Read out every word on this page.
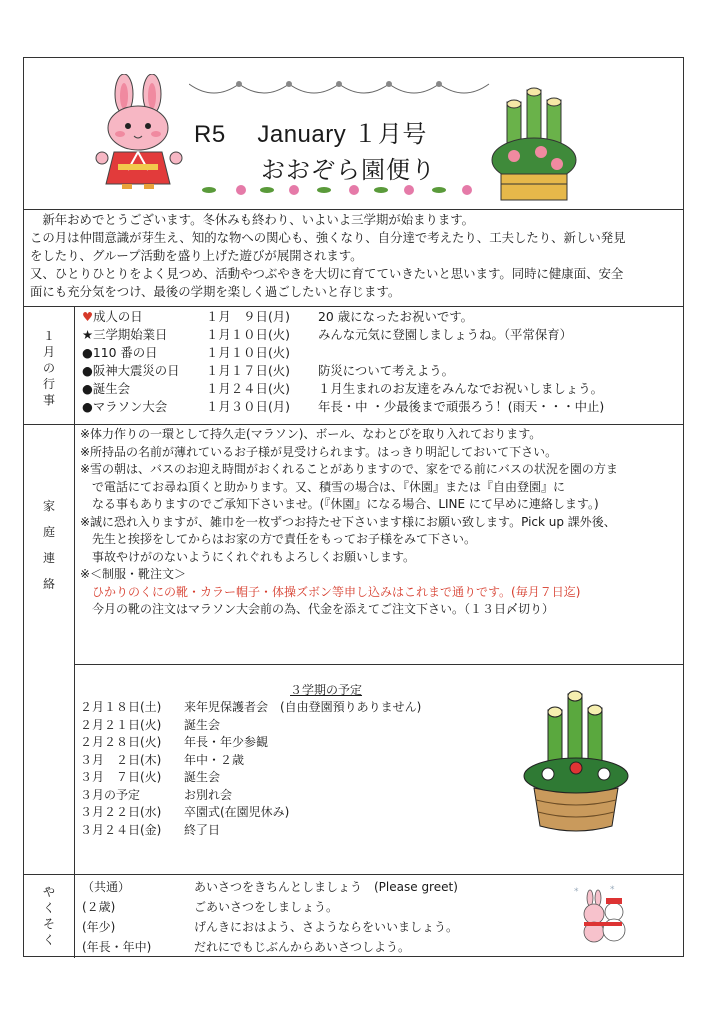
R5　 January １月号
おおぞら園便り
　新年おめでとうございます。冬休みも終わり、いよいよ三学期が始まります。
この月は仲間意識が芽生え、知的な物への関心も、強くなり、自分達で考えたり、工夫したり、新しい発見
をしたり、グループ活動を盛り上げた遊びが展開されます。
又、ひとりひとりをよく見つめ、活動やつぶやきを大切に育てていきたいと思います。同時に健康面、安全
面にも充分気をつけ、最後の学期を楽しく過ごしたいと存じます。
１月の行事
♥成人の日	１月　９日(月) 20 歳になったお祝いです。
★三学期始業日	１月１０日(火) みんな元気に登園しましょうね。（平常保育）
●110 番の日	１月１０日(火)
●阪神大震災の日 １月１７日(火) 防災について考えよう。
●誕生会	１月２４日(火) １月生まれのお友達をみんなでお祝いしましょう。
●マラソン大会	１月３０日(月) 年長・中 ・少最後まで頑張ろう！(雨天・・・中止)
家庭連絡
※体力作りの一環として持久走(マラソン)、ボール、なわとびを取り入れております。
※所持品の名前が薄れているお子様が見受けられます。はっきり明記しておいて下さい。
※雪の朝は、バスのお迎え時間がおくれることがありますので、家をでる前にバスの状況を園の方ま
　で電話にてお尋ね頂くと助かります。又、積雪の場合は、『休園』または『自由登園』に
　なる事もありますのでご承知下さいませ。(『休園』になる場合、LINE にて早めに連絡します。)
※誠に恐れ入りますが、雑巾を一枚ずつお持たせ下さいます様にお願い致します。Pick up 課外後、
　先生と挨拶をしてからはお家の方で責任をもってお子様をみて下さい。
　事故やけがのないようにくれぐれもよろしくお願いします。
※＜制服・靴注文＞
　ひかりのくにの靴・カラー帽子・体操ズボン等申し込みはこれまで通りです。(毎月７日迄)
　今月の靴の注文はマラソン大会前の為、代金を添えてご注文下さい。（１３日〆切り）
３学期の予定
２月１８日(土) 来年児保護者会　(自由登園預りありません)
２月２１日(火) 誕生会
２月２８日(火) 年長・年少参観
３月　２日(木) 年中・２歳
３月　７日(火) 誕生会
３月の予定	お別れ会
３月２２日(水) 卒園式(在園児休み)
３月２４日(金) 終了日
やくそく
（共通）	あいさつをきちんとしましょう　(Please greet)
(２歳)	ごあいさつをしましょう。
(年少)	げんきにおはよう、さようならをいいましょう。
(年長・年中)	だれにでもじぶんからあいさつしよう。
*	*
